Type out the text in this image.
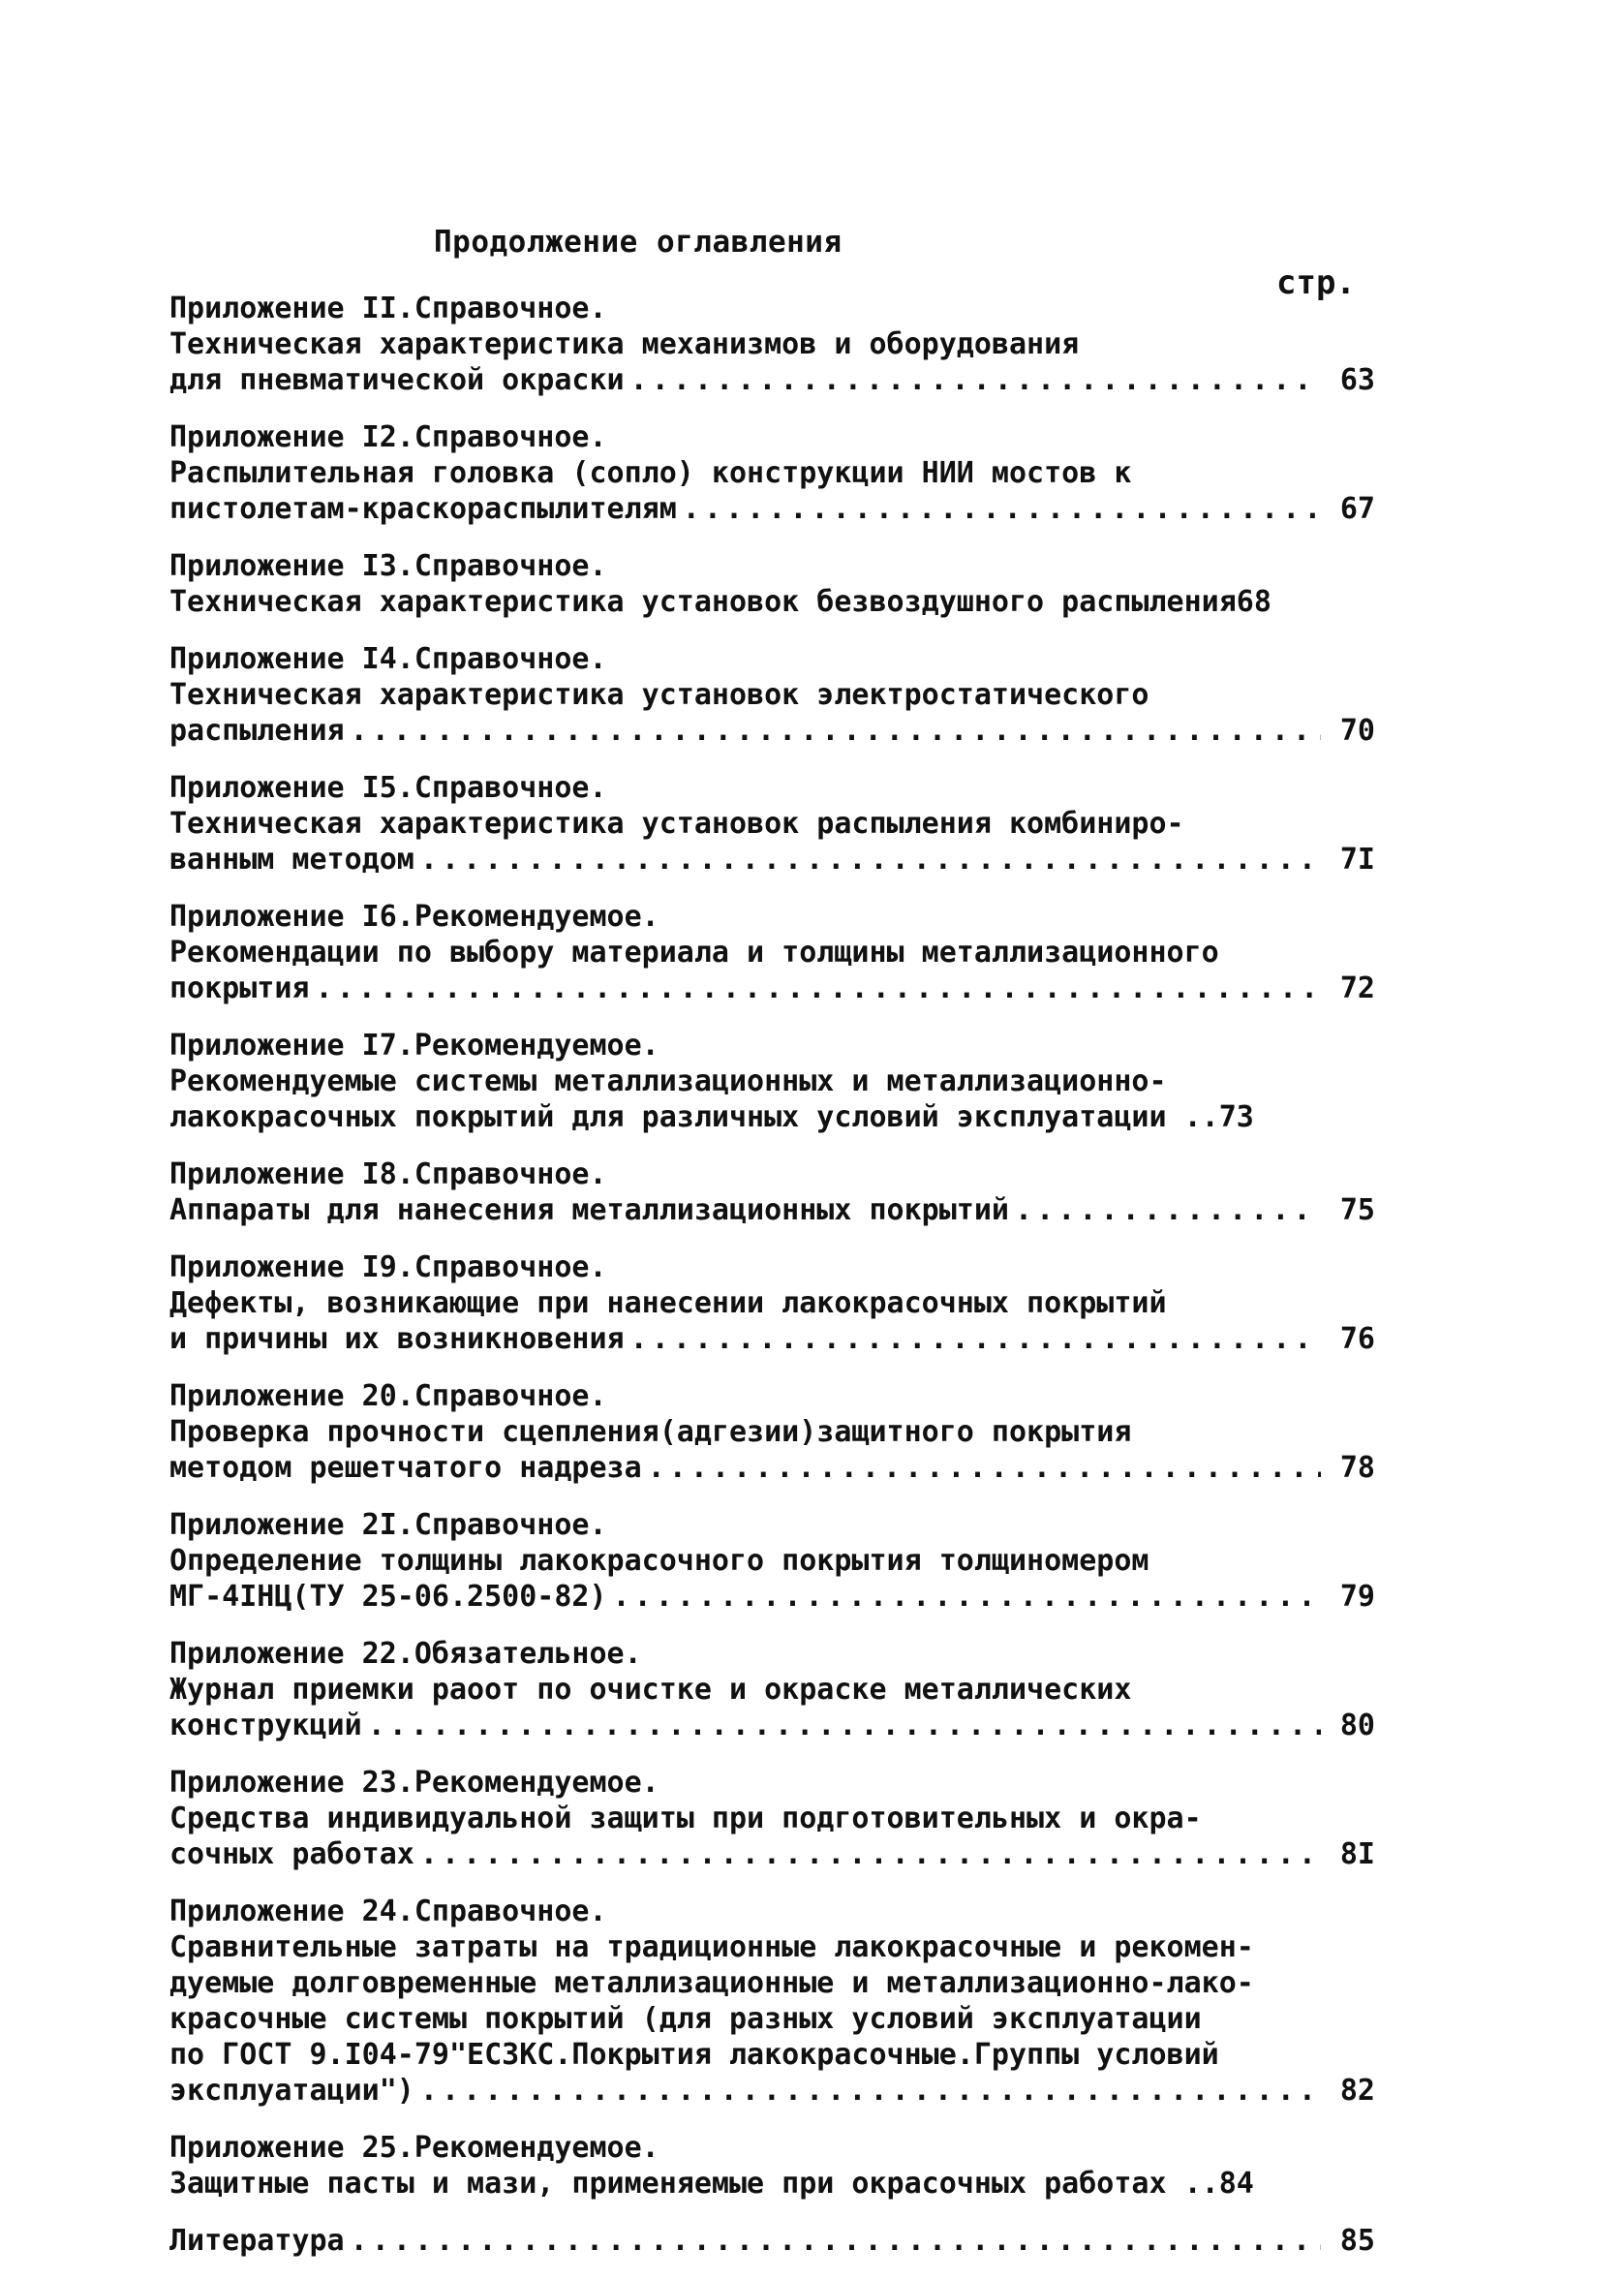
Продолжение оглавления
стр.
Приложение II.Справочное.
Техническая характеристика механизмов и оборудования
для пневматической окраски . . .	63
Приложение I2.Справочное.
Распылительная головка (сопло) конструкции НИИ мостов к
пистолетам-краскораспылителям . . .	67
Приложение I3.Справочное.
Техническая характеристика установок безвоздушного распыления 68
Приложение I4.Справочное.
Техническая характеристика установок электростатического
распыления . . .	70
Приложение I5.Справочное.
Техническая характеристика установок распыления комбиниро-
ванным методом . . .	7I
Приложение I6.Рекомендуемое.
Рекомендации по выбору материала и толщины металлизационного
покрытия . . .	72
Приложение I7.Рекомендуемое.
Рекомендуемые системы металлизационных и металлизационно-
лакокрасочных покрытий для различных условий эксплуатации .. 73
Приложение I8.Справочное.
Аппараты для нанесения металлизационных покрытий . . .	75
Приложение I9.Справочное.
Дефекты, возникающие при нанесении лакокрасочных покрытий
и причины их возникновения . . .	76
Приложение 20.Справочное.
Проверка прочности сцепления(адгезии)защитного покрытия
методом решетчатого надреза . . .	78
Приложение 2I.Справочное.
Определение толщины лакокрасочного покрытия толщиномером
МГ-4IНЦ(ТУ 25-06.2500-82) . . .	79
Приложение 22.Обязательное.
Журнал приемки раоот по очистке и окраске металлических
конструкций . . .	80
Приложение 23.Рекомендуемое.
Средства индивидуальной защиты при подготовительных и окра-
сочных работах . . .	8I
Приложение 24.Справочное.
Сравнительные затраты на традиционные лакокрасочные и рекомен-
дуемые долговременные металлизационные и металлизационно-лако-
красочные системы покрытий (для разных условий эксплуатации
по ГОСТ 9.I04-79"ЕСЗКС.Покрытия лакокрасочные.Группы условий
эксплуатации") . . .	82
Приложение 25.Рекомендуемое.
Защитные пасты и мази, применяемые при окрасочных работах .. 84
Литература . . .	85
